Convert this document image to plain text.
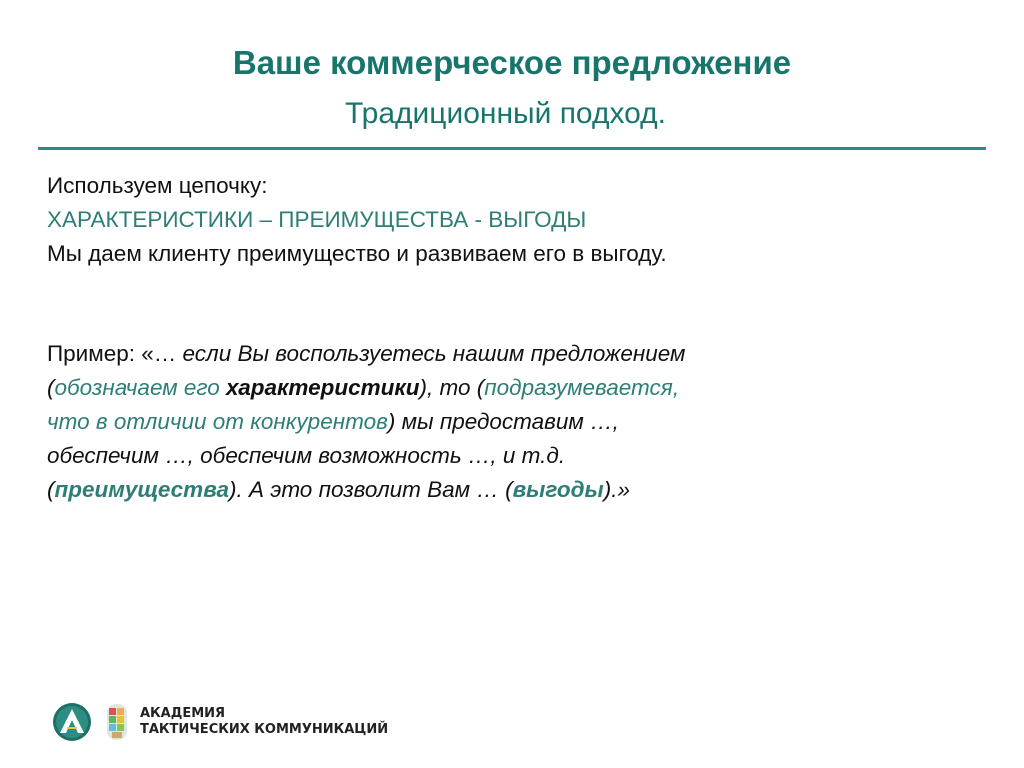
Ваше коммерческое предложение
Традиционный подход.
Используем цепочку:
ХАРАКТЕРИСТИКИ – ПРЕИМУЩЕСТВА - ВЫГОДЫ
Мы даем клиенту преимущество и развиваем его в выгоду.
Пример: «… если Вы воспользуетесь нашим предложением
(обозначаем его характеристики), то (подразумевается,
что в отличии от конкурентов) мы предоставим …,
обеспечим …, обеспечим возможность …, и т.д.
(преимущества). А это позволит Вам … (выгоды).»
АКАДЕМИЯ
ТАКТИЧЕСКИХ КОММУНИКАЦИЙ
